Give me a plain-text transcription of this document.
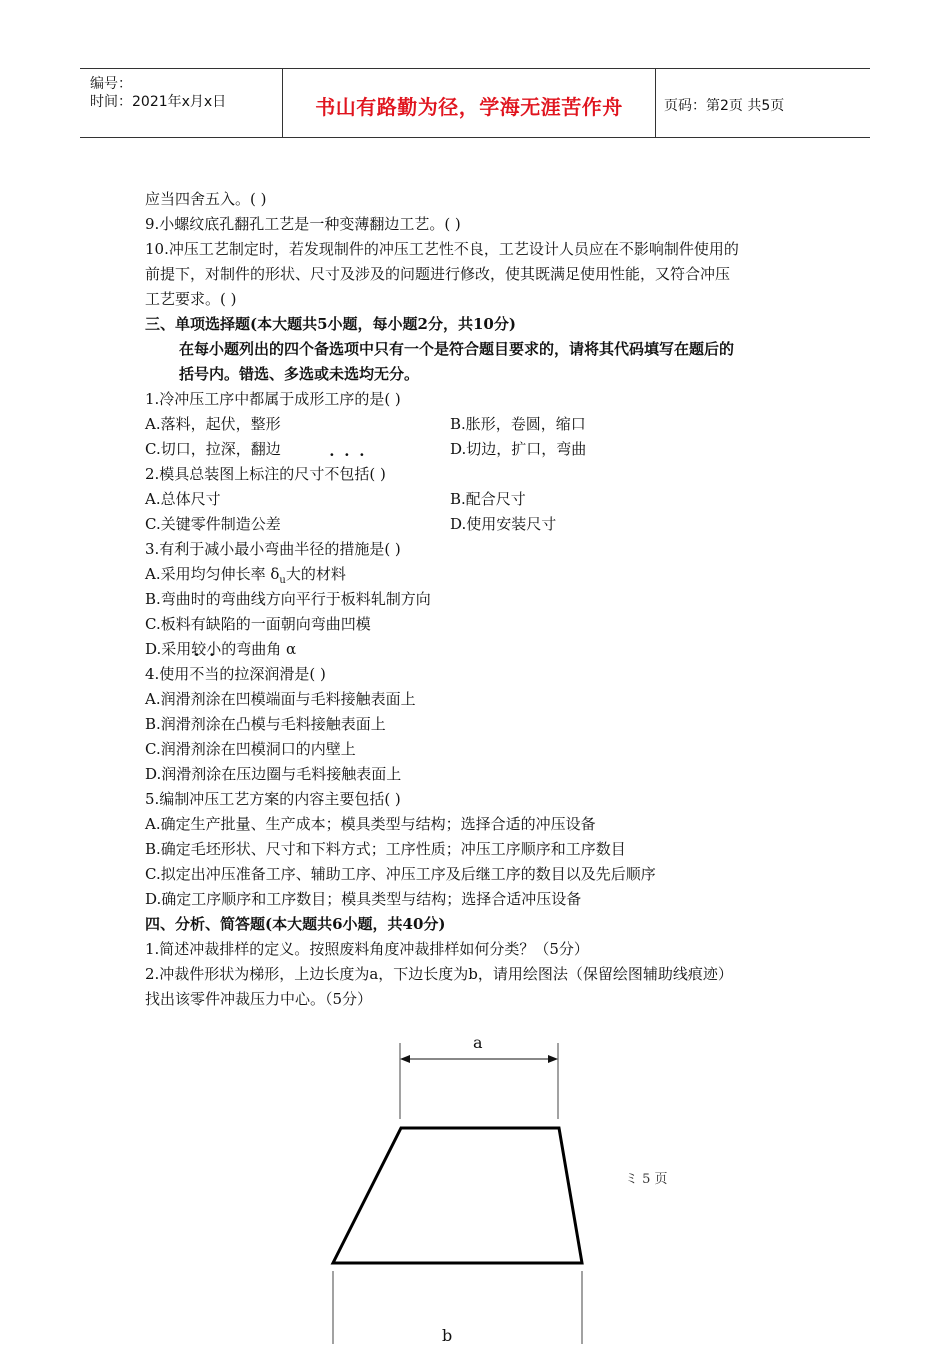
编号：
时间：2021年x月x日	书山有路勤为径，学海无涯苦作舟	页码：第2页 共5页
应当四舍五入。( )
9.小螺纹底孔翻孔工艺是一种变薄翻边工艺。( )
10.冲压工艺制定时，若发现制件的冲压工艺性不良，工艺设计人员应在不影响制件使用的
前提下，对制件的形状、尺寸及涉及的问题进行修改，使其既满足使用性能，又符合冲压
工艺要求。( )
三、单项选择题(本大题共5小题，每小题2分，共10分)
在每小题列出的四个备选项中只有一个是符合题目要求的，请将其代码填写在题后的
括号内。错选、多选或未选均无分。
1.冷冲压工序中都属于成形工序的是( )
A.落料，起伏，整形	B.胀形，卷圆，缩口
C.切口，拉深，翻边	D.切边，扩口，弯曲
2.模具总装图上标注的尺寸不包括( )
A.总体尺寸	B.配合尺寸
C.关键零件制造公差	D.使用安装尺寸
3.有利于减小最小弯曲半径的措施是( )
A.采用均匀伸长率 $\delta_u$大的材料
B.弯曲时的弯曲线方向平行于板料轧制方向
C.板料有缺陷的一面朝向弯曲凹模
D.采用较小的弯曲角 α
4.使用不当的拉深润滑是( )
A.润滑剂涂在凹模端面与毛料接触表面上
B.润滑剂涂在凸模与毛料接触表面上
C.润滑剂涂在凹模洞口的内壁上
D.润滑剂涂在压边圈与毛料接触表面上
5.编制冲压工艺方案的内容主要包括( )
A.确定生产批量、生产成本；模具类型与结构；选择合适的冲压设备
B.确定毛坯形状、尺寸和下料方式；工序性质；冲压工序顺序和工序数目
C.拟定出冲压准备工序、辅助工序、冲压工序及后继工序的数目以及先后顺序
D.确定工序顺序和工序数目；模具类型与结构；选择合适冲压设备
四、分析、简答题(本大题共6小题，共40分)
1.简述冲裁排样的定义。按照废料角度冲裁排样如何分类？（5分）
2.冲裁件形状为梯形，上边长度为a，下边长度为b，请用绘图法（保留绘图辅助线痕迹）
找出该零件冲裁压力中心。（5分）
a
b
ミ 5 页
